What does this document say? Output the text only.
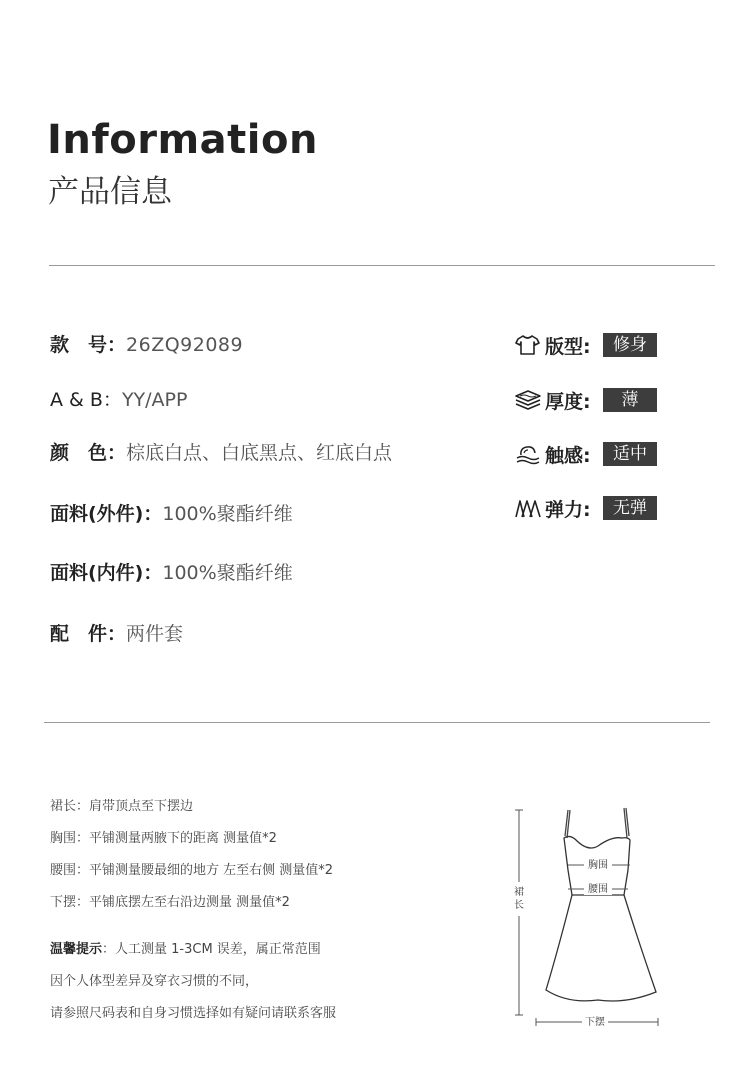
Information
产品信息
款　号：26ZQ92089
A & B：YY/APP
颜　色：棕底白点、白底黑点、红底白点
面料(外件)：100%聚酯纤维
面料(内件)：100%聚酯纤维
配　件：两件套
版型:	修身
厚度:	薄
触感:	适中
弹力:	无弹
裙长：肩带顶点至下摆边
胸围：平铺测量两腋下的距离 测量值*2
腰围：平铺测量腰最细的地方 左至右侧 测量值*2
下摆：平铺底摆左至右沿边测量 测量值*2
温馨提示：人工测量 1-3CM 误差，属正常范围
因个人体型差异及穿衣习惯的不同，
请参照尺码表和自身习惯选择如有疑问请联系客服
裙
长
胸围
腰围
下摆
